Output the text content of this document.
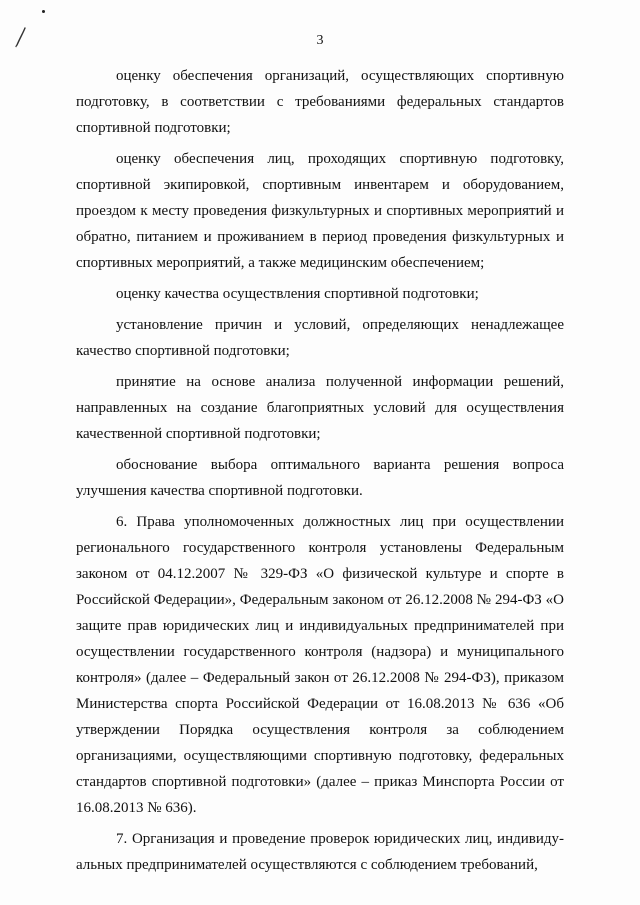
3

оценку обеспечения организаций, осуществляющих спортивную подготовку, в соответствии с требованиями федеральных стандартов спортивной подготовки;

оценку обеспечения лиц, проходящих спортивную подготовку, спортивной экипировкой, спортивным инвентарем и оборудованием, проездом к месту проведения физкультурных и спортивных мероприятий и обратно, питанием и проживанием в период проведения физкультурных и спортивных мероприятий, а также медицинским обеспечением;

оценку качества осуществления спортивной подготовки;

установление причин и условий, определяющих ненадлежащее качество спортивной подготовки;

принятие на основе анализа полученной информации решений, направленных на создание благоприятных условий для осуществления качественной спортивной подготовки;

обоснование выбора оптимального варианта решения вопроса улучшения качества спортивной подготовки.

6. Права уполномоченных должностных лиц при осуществлении регионального государственного контроля установлены Федеральным законом от 04.12.2007 № 329-ФЗ «О физической культуре и спорте в Российской Федерации», Федеральным законом от 26.12.2008 № 294-ФЗ «О защите прав юридических лиц и индивидуальных предпринимателей при осуществлении государственного контроля (надзора) и муниципального контроля» (далее – Федеральный закон от 26.12.2008 № 294-ФЗ), приказом Министерства спорта Российской Федерации от 16.08.2013 № 636 «Об утверждении Порядка осуществления контроля за соблюдением организациями, осуществляющими спортивную подготовку, федеральных стандартов спортивной подготовки» (далее – приказ Минспорта России от 16.08.2013 № 636).

7. Организация и проведение проверок юридических лиц, индивиду-альных предпринимателей осуществляются с соблюдением требований,
